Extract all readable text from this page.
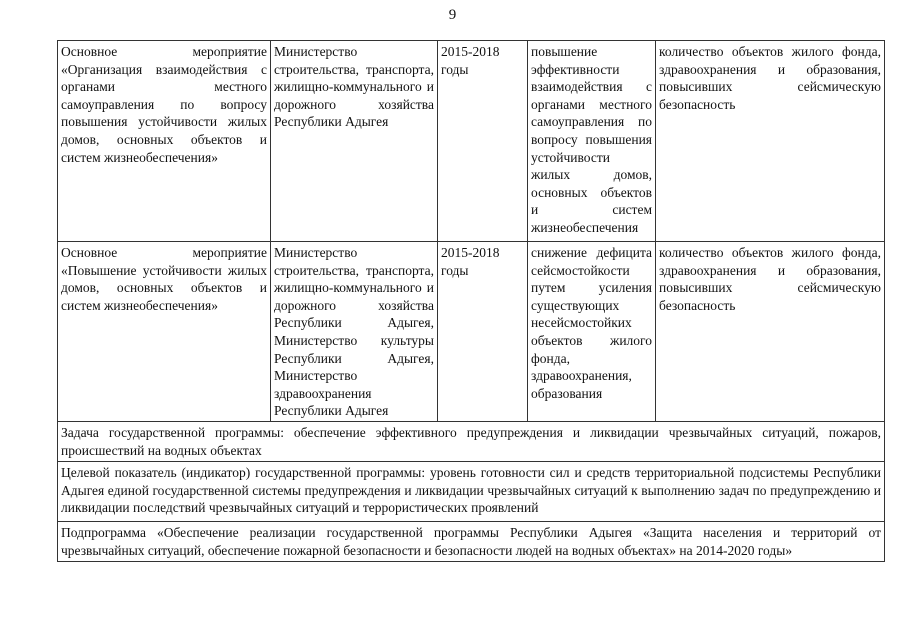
9
Основное мероприятие «Организация взаимодействия с органами местного самоуправления по вопросу повышения устойчивости жилых домов, основных объектов и систем жизнеобеспечения»	Министерство строительства, транспорта, жилищно-коммунального и дорожного хозяйства Республики Адыгея	2015-2018 годы	повышение эффективности взаимодействия с органами местного самоуправления по вопросу повышения устойчивости жилых домов, основных объектов и систем жизнеобеспечения	количество объектов жилого фонда, здравоохранения и образования, повысивших сейсмическую безопасность
Основное мероприятие «Повышение устойчивости жилых домов, основных объектов и систем жизнеобеспечения»	Министерство строительства, транспорта, жилищно-коммунального и дорожного хозяйства Республики Адыгея, Министерство культуры Республики Адыгея, Министерство здравоохранения Республики Адыгея	2015-2018 годы	снижение дефицита сейсмостойкости путем усиления существующих несейсмостойких объектов жилого фонда, здравоохранения, образования	количество объектов жилого фонда, здравоохранения и образования, повысивших сейсмическую безопасность
Задача государственной программы: обеспечение эффективного предупреждения и ликвидации чрезвычайных ситуаций, пожаров, происшествий на водных объектах				
Целевой показатель (индикатор) государственной программы: уровень готовности сил и средств территориальной подсистемы Республики Адыгея единой государственной системы предупреждения и ликвидации чрезвычайных ситуаций к выполнению задач по предупреждению и ликвидации последствий чрезвычайных ситуаций и террористических проявлений				
Подпрограмма «Обеспечение реализации государственной программы Республики Адыгея «Защита населения и территорий от чрезвычайных ситуаций, обеспечение пожарной безопасности и безопасности людей на водных объектах» на 2014-2020 годы»				
